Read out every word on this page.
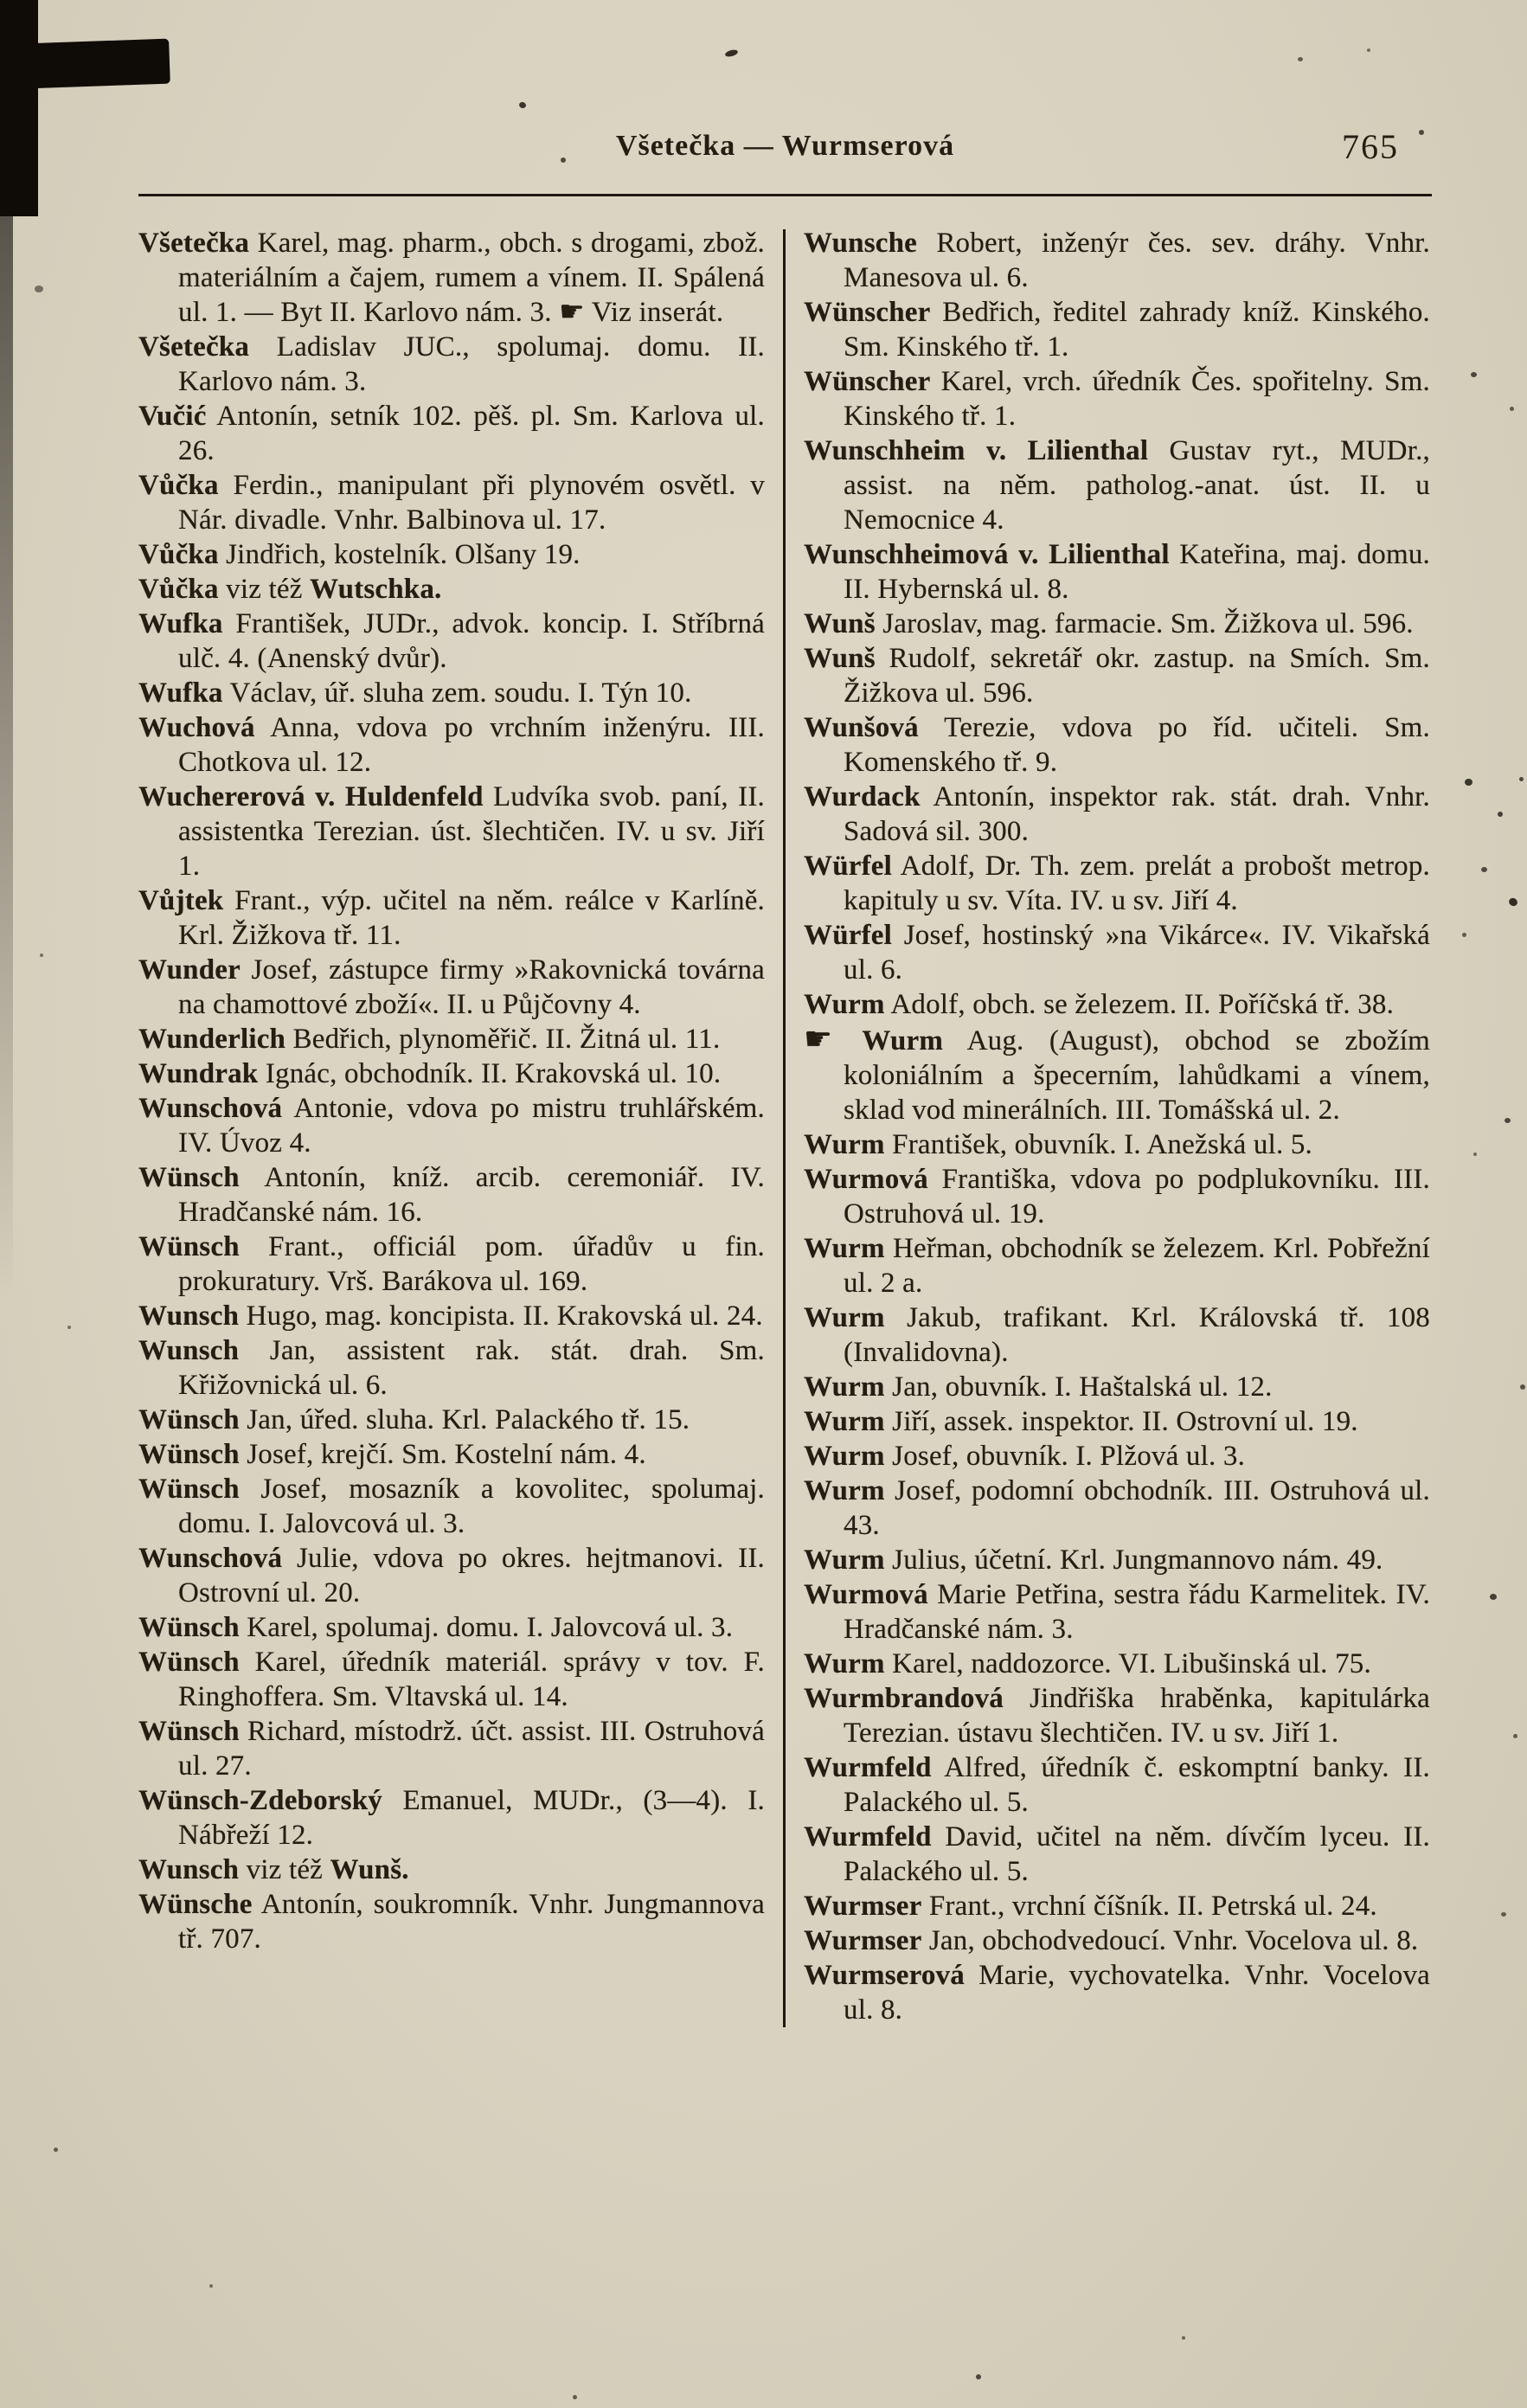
Všetečka — Wurmserová	765

Všetečka Karel, mag. pharm., obch. s drogami, zbož. materiálním a čajem, rumem a vínem. II. Spálená ul. 1. — Byt II. Karlovo nám. 3. ☛ Viz inserát.

Všetečka Ladislav JUC., spolumaj. domu. II. Karlovo nám. 3.

Vučić Antonín, setník 102. pěš. pl. Sm. Karlova ul. 26.

Vůčka Ferdin., manipulant při plynovém osvětl. v Nár. divadle. Vnhr. Balbinova ul. 17.

Vůčka Jindřich, kostelník. Olšany 19.

Vůčka viz též Wutschka.

Wufka František, JUDr., advok. koncip. I. Stříbrná ulč. 4. (Anenský dvůr).

Wufka Václav, úř. sluha zem. soudu. I. Týn 10.

Wuchová Anna, vdova po vrchním inženýru. III. Chotkova ul. 12.

Wuchererová v. Huldenfeld Ludvíka svob. paní, II. assistentka Terezian. úst. šlechtičen. IV. u sv. Jiří 1.

Vůjtek Frant., výp. učitel na něm. reálce v Karlíně. Krl. Žižkova tř. 11.

Wunder Josef, zástupce firmy »Rakovnická továrna na chamottové zboží«. II. u Půjčovny 4.

Wunderlich Bedřich, plynoměřič. II. Žitná ul. 11.

Wundrak Ignác, obchodník. II. Krakovská ul. 10.

Wunschová Antonie, vdova po mistru truhlářském. IV. Úvoz 4.

Wünsch Antonín, kníž. arcib. ceremoniář. IV. Hradčanské nám. 16.

Wünsch Frant., officiál pom. úřadův u fin. prokuratury. Vrš. Barákova ul. 169.

Wunsch Hugo, mag. koncipista. II. Krakovská ul. 24.

Wunsch Jan, assistent rak. stát. drah. Sm. Křižovnická ul. 6.

Wünsch Jan, úřed. sluha. Krl. Palackého tř. 15.

Wünsch Josef, krejčí. Sm. Kostelní nám. 4.

Wünsch Josef, mosazník a kovolitec, spolumaj. domu. I. Jalovcová ul. 3.

Wunschová Julie, vdova po okres. hejtmanovi. II. Ostrovní ul. 20.

Wünsch Karel, spolumaj. domu. I. Jalovcová ul. 3.

Wünsch Karel, úředník materiál. správy v tov. F. Ringhoffera. Sm. Vltavská ul. 14.

Wünsch Richard, místodrž. účt. assist. III. Ostruhová ul. 27.

Wünsch-Zdeborský Emanuel, MUDr., (3—4). I. Nábřeží 12.

Wunsch viz též Wunš.

Wünsche Antonín, soukromník. Vnhr. Jungmannova tř. 707.

Wunsche Robert, inženýr čes. sev. dráhy. Vnhr. Manesova ul. 6.

Wünscher Bedřich, ředitel zahrady kníž. Kinského. Sm. Kinského tř. 1.

Wünscher Karel, vrch. úředník Čes. spořitelny. Sm. Kinského tř. 1.

Wunschheim v. Lilienthal Gustav ryt., MUDr., assist. na něm. patholog.-anat. úst. II. u Nemocnice 4.

Wunschheimová v. Lilienthal Kateřina, maj. domu. II. Hybernská ul. 8.

Wunš Jaroslav, mag. farmacie. Sm. Žižkova ul. 596.

Wunš Rudolf, sekretář okr. zastup. na Smích. Sm. Žižkova ul. 596.

Wunšová Terezie, vdova po říd. učiteli. Sm. Komenského tř. 9.

Wurdack Antonín, inspektor rak. stát. drah. Vnhr. Sadová sil. 300.

Würfel Adolf, Dr. Th. zem. prelát a probošt metrop. kapituly u sv. Víta. IV. u sv. Jiří 4.

Würfel Josef, hostinský »na Vikárce«. IV. Vikařská ul. 6.

Wurm Adolf, obch. se železem. II. Poříčská tř. 38.

☛ Wurm Aug. (August), obchod se zbožím koloniálním a špecerním, lahůdkami a vínem, sklad vod minerálních. III. Tomášská ul. 2.

Wurm František, obuvník. I. Anežská ul. 5.

Wurmová Františka, vdova po podplukovníku. III. Ostruhová ul. 19.

Wurm Heřman, obchodník se železem. Krl. Pobřežní ul. 2 a.

Wurm Jakub, trafikant. Krl. Královská tř. 108 (Invalidovna).

Wurm Jan, obuvník. I. Haštalská ul. 12.

Wurm Jiří, assek. inspektor. II. Ostrovní ul. 19.

Wurm Josef, obuvník. I. Plžová ul. 3.

Wurm Josef, podomní obchodník. III. Ostruhová ul. 43.

Wurm Julius, účetní. Krl. Jungmannovo nám. 49.

Wurmová Marie Petřina, sestra řádu Karmelitek. IV. Hradčanské nám. 3.

Wurm Karel, naddozorce. VI. Libušinská ul. 75.

Wurmbrandová Jindřiška hraběnka, kapitulárka Terezian. ústavu šlechtičen. IV. u sv. Jiří 1.

Wurmfeld Alfred, úředník č. eskomptní banky. II. Palackého ul. 5.

Wurmfeld David, učitel na něm. dívčím lyceu. II. Palackého ul. 5.

Wurmser Frant., vrchní číšník. II. Petrská ul. 24.

Wurmser Jan, obchodvedoucí. Vnhr. Vocelova ul. 8.

Wurmserová Marie, vychovatelka. Vnhr. Vocelova ul. 8.
